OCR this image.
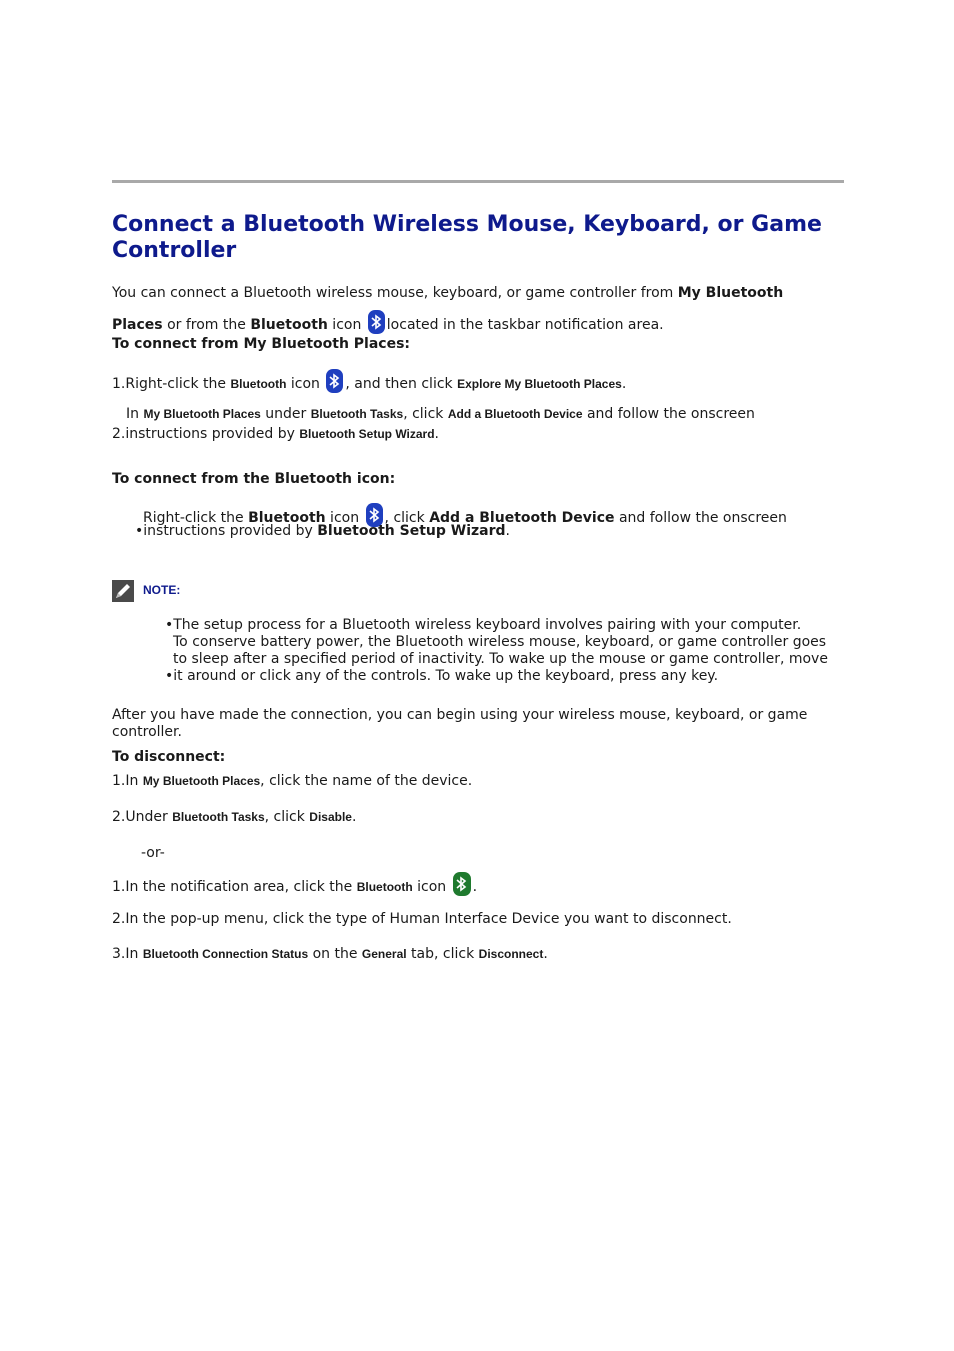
Connect a Bluetooth Wireless Mouse, Keyboard, or Game Controller
You can connect a Bluetooth wireless mouse, keyboard, or game controller from My Bluetooth
Places or from the Bluetooth icon
located in the taskbar notification area.
To connect from My Bluetooth Places:
1.Right-click the Bluetooth icon
, and then click Explore My Bluetooth Places.
In My Bluetooth Places under Bluetooth Tasks, click Add a Bluetooth Device and follow the onscreen
2.instructions provided by Bluetooth Setup Wizard.
To connect from the Bluetooth icon:
Right-click the Bluetooth icon
, click Add a Bluetooth Device and follow the onscreen
•instructions provided by Bluetooth Setup Wizard.
NOTE:
•The setup process for a Bluetooth wireless keyboard involves pairing with your computer.
To conserve battery power, the Bluetooth wireless mouse, keyboard, or game controller goes
to sleep after a specified period of inactivity. To wake up the mouse or game controller, move
•it around or click any of the controls. To wake up the keyboard, press any key.
After you have made the connection, you can begin using your wireless mouse, keyboard, or game
controller.
To disconnect:
1.In My Bluetooth Places, click the name of the device.
2.Under Bluetooth Tasks, click Disable.
-or-
1.In the notification area, click the Bluetooth icon
.
2.In the pop-up menu, click the type of Human Interface Device you want to disconnect.
3.In Bluetooth Connection Status on the General tab, click Disconnect.
